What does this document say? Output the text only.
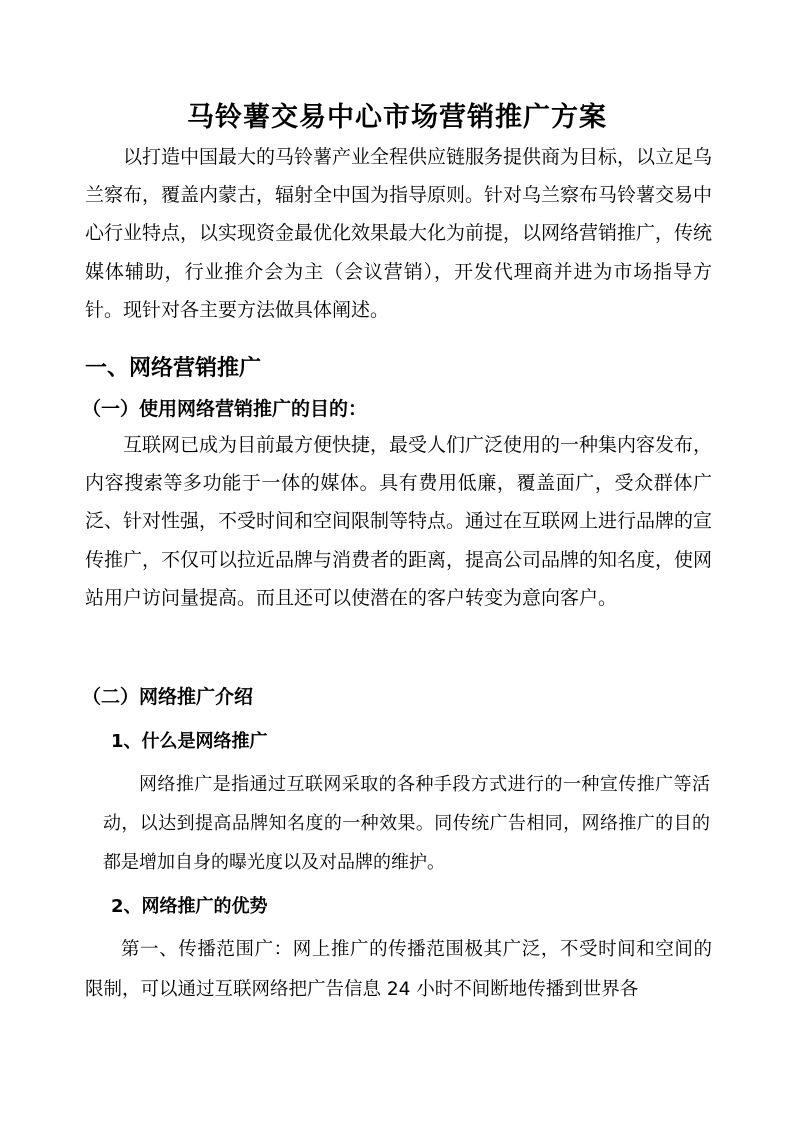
马铃薯交易中心市场营销推广方案

以打造中国最大的马铃薯产业全程供应链服务提供商为目标，以立足乌兰察布，覆盖内蒙古，辐射全中国为指导原则。针对乌兰察布马铃薯交易中心行业特点，以实现资金最优化效果最大化为前提，以网络营销推广，传统媒体辅助，行业推介会为主（会议营销），开发代理商并进为市场指导方针。现针对各主要方法做具体阐述。

一、网络营销推广
（一）使用网络营销推广的目的：

互联网已成为目前最方便快捷，最受人们广泛使用的一种集内容发布，内容搜索等多功能于一体的媒体。具有费用低廉，覆盖面广，受众群体广泛、针对性强，不受时间和空间限制等特点。通过在互联网上进行品牌的宣传推广，不仅可以拉近品牌与消费者的距离，提高公司品牌的知名度，使网站用户访问量提高。而且还可以使潜在的客户转变为意向客户。

（二）网络推广介绍
1、什么是网络推广

网络推广是指通过互联网采取的各种手段方式进行的一种宣传推广等活动，以达到提高品牌知名度的一种效果。同传统广告相同，网络推广的目的都是增加自身的曝光度以及对品牌的维护。

2、网络推广的优势

第一、传播范围广：网上推广的传播范围极其广泛，不受时间和空间的限制，可以通过互联网络把广告信息 24 小时不间断地传播到世界各
